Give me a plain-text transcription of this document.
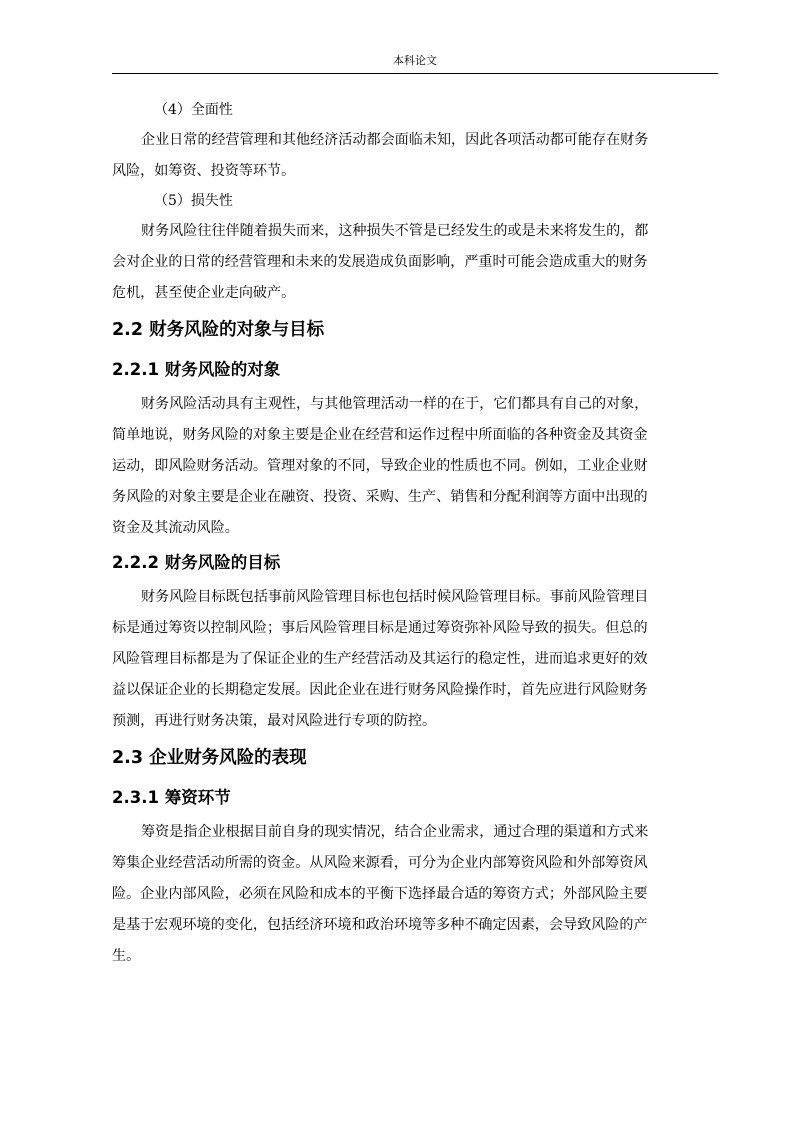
本科论文

（4）全面性

企业日常的经营管理和其他经济活动都会面临未知，因此各项活动都可能存在财务
风险，如筹资、投资等环节。

（5）损失性

财务风险往往伴随着损失而来，这种损失不管是已经发生的或是未来将发生的，都
会对企业的日常的经营管理和未来的发展造成负面影响，严重时可能会造成重大的财务
危机，甚至使企业走向破产。

2.2 财务风险的对象与目标
2.2.1 财务风险的对象

财务风险活动具有主观性，与其他管理活动一样的在于，它们都具有自己的对象，
简单地说，财务风险的对象主要是企业在经营和运作过程中所面临的各种资金及其资金
运动，即风险财务活动。管理对象的不同，导致企业的性质也不同。例如，工业企业财
务风险的对象主要是企业在融资、投资、采购、生产、销售和分配利润等方面中出现的
资金及其流动风险。

2.2.2 财务风险的目标

财务风险目标既包括事前风险管理目标也包括时候风险管理目标。事前风险管理目
标是通过筹资以控制风险；事后风险管理目标是通过筹资弥补风险导致的损失。但总的
风险管理目标都是为了保证企业的生产经营活动及其运行的稳定性，进而追求更好的效
益以保证企业的长期稳定发展。因此企业在进行财务风险操作时，首先应进行风险财务
预测，再进行财务决策，最对风险进行专项的防控。

2.3 企业财务风险的表现
2.3.1 筹资环节

筹资是指企业根据目前自身的现实情况，结合企业需求，通过合理的渠道和方式来
筹集企业经营活动所需的资金。从风险来源看，可分为企业内部筹资风险和外部筹资风
险。企业内部风险，必须在风险和成本的平衡下选择最合适的筹资方式；外部风险主要
是基于宏观环境的变化，包括经济环境和政治环境等多种不确定因素，会导致风险的产
生。
